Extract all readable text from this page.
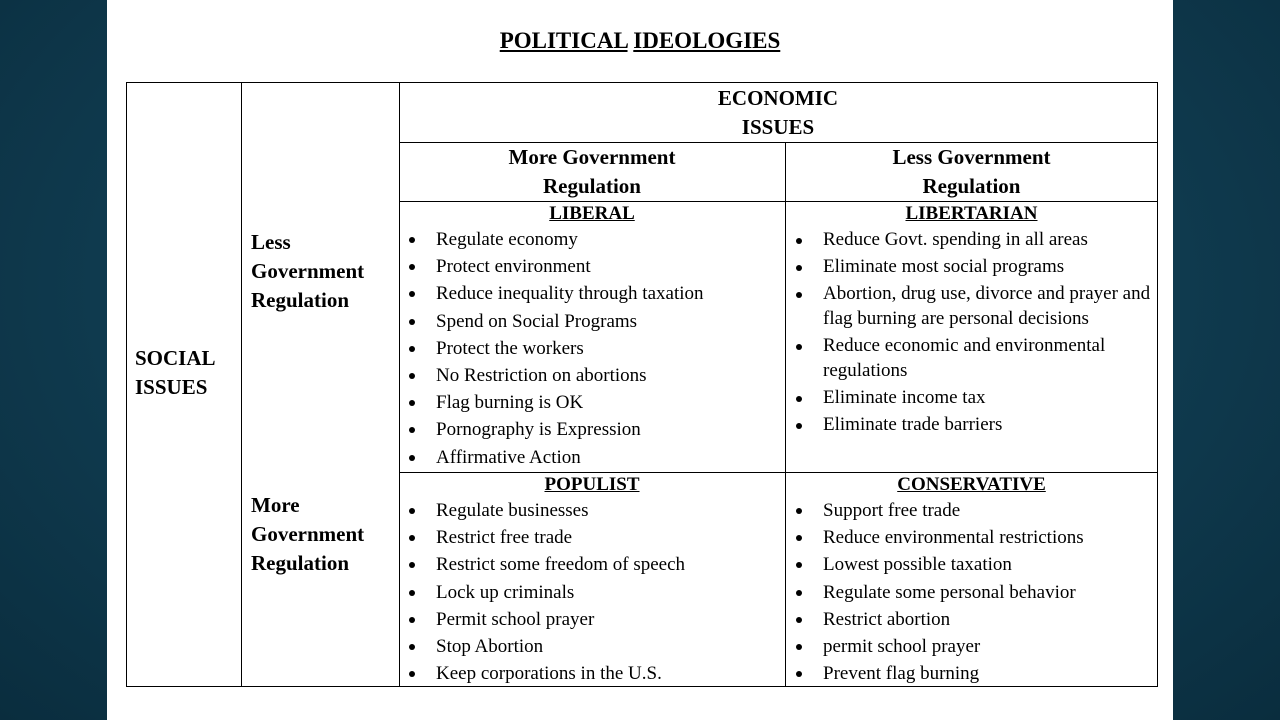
POLITICAL IDEOLOGIES
SOCIAL
ISSUES
Less
Government
Regulation
More
Government
Regulation
ECONOMIC
ISSUES
More Government
Regulation
Less Government
Regulation
LIBERAL
Regulate economy
Protect environment
Reduce inequality through taxation
Spend on Social Programs
Protect the workers
No Restriction on abortions
Flag burning is OK
Pornography is Expression
Affirmative Action
LIBERTARIAN
Reduce Govt. spending in all areas
Eliminate most social programs
Abortion, drug use, divorce and prayer and flag burning are personal decisions
Reduce economic and environmental regulations
Eliminate income tax
Eliminate trade barriers
POPULIST
Regulate businesses
Restrict free trade
Restrict some freedom of speech
Lock up criminals
Permit school prayer
Stop Abortion
Keep corporations in the U.S.
CONSERVATIVE
Support free trade
Reduce environmental restrictions
Lowest possible taxation
Regulate some personal behavior
Restrict abortion
permit school prayer
Prevent flag burning
